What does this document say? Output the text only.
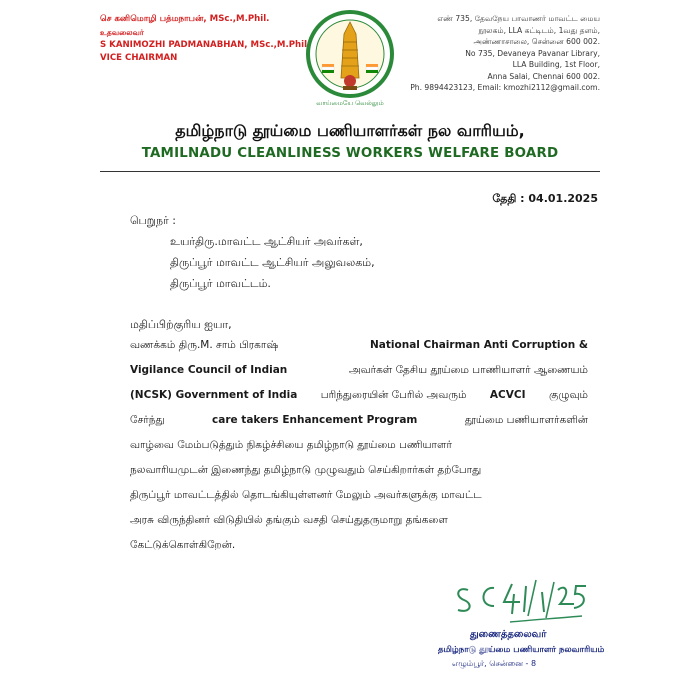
செ கனிமொழி பத்மநாபன், MSc.,M.Phil.
உதவலைவர்
S KANIMOZHI PADMANABHAN, MSc.,M.Phil.
VICE CHAIRMAN
வாய்மையே வெல்லும்
எண் 735, தேவநேய பாவாணர் மாவட்ட மைய
நூலகம், LLA கட்டிடம், 1வது தளம்,
அண்ணாசாலை, சென்னை 600 002.
No 735, Devaneya Pavanar Library,
LLA Building, 1st Floor,
Anna Salai, Chennai 600 002.
Ph. 9894423123, Email: kmozhi2112@gmail.com.
தமிழ்நாடு தூய்மை பணியாளர்கள் நல வாரியம்,
TAMILNADU CLEANLINESS WORKERS WELFARE BOARD
தேதி : 04.01.2025
பெறுநர் :
உயர்திரு.மாவட்ட ஆட்சியர் அவர்கள்,
திருப்பூர் மாவட்ட ஆட்சியர் அலுவலகம்,
திருப்பூர் மாவட்டம்.
மதிப்பிற்குரிய ஐயா,
வணக்கம் திரு.M. சாம் பிரகாஷ்	National Chairman Anti Corruption &
Vigilance Council of Indian	அவர்கள் தேசிய தூய்மை பாணியாளர் ஆணையம்
(NCSK) Government of India பரிந்துரையின் பேரில் அவரும் ACVCI குழுவும்
சேர்ந்து	care takers Enhancement Program	தூய்மை பணியாளர்களின்
வாழ்வை மேம்படுத்தும் நிகழ்ச்சியை தமிழ்நாடு தூய்மை பணியாளர்
நலவாரியமுடன் இணைந்து தமிழ்நாடு முழுவதும் செய்கிறார்கள் தற்போது
திருப்பூர் மாவட்டத்தில் தொடங்கியுள்ளனர் மேலும் அவர்களுக்கு மாவட்ட
அரசு விருந்தினர் விடுதியில் தங்கும் வசதி செய்துதருமாறு தங்களை
கேட்டுக்கொள்கிறேன்.
துணைத்தலைவர்
தமிழ்நாடு தூய்மை பணியாளர் நலவாரியம்
எழும்பூர், சென்னை - 8
